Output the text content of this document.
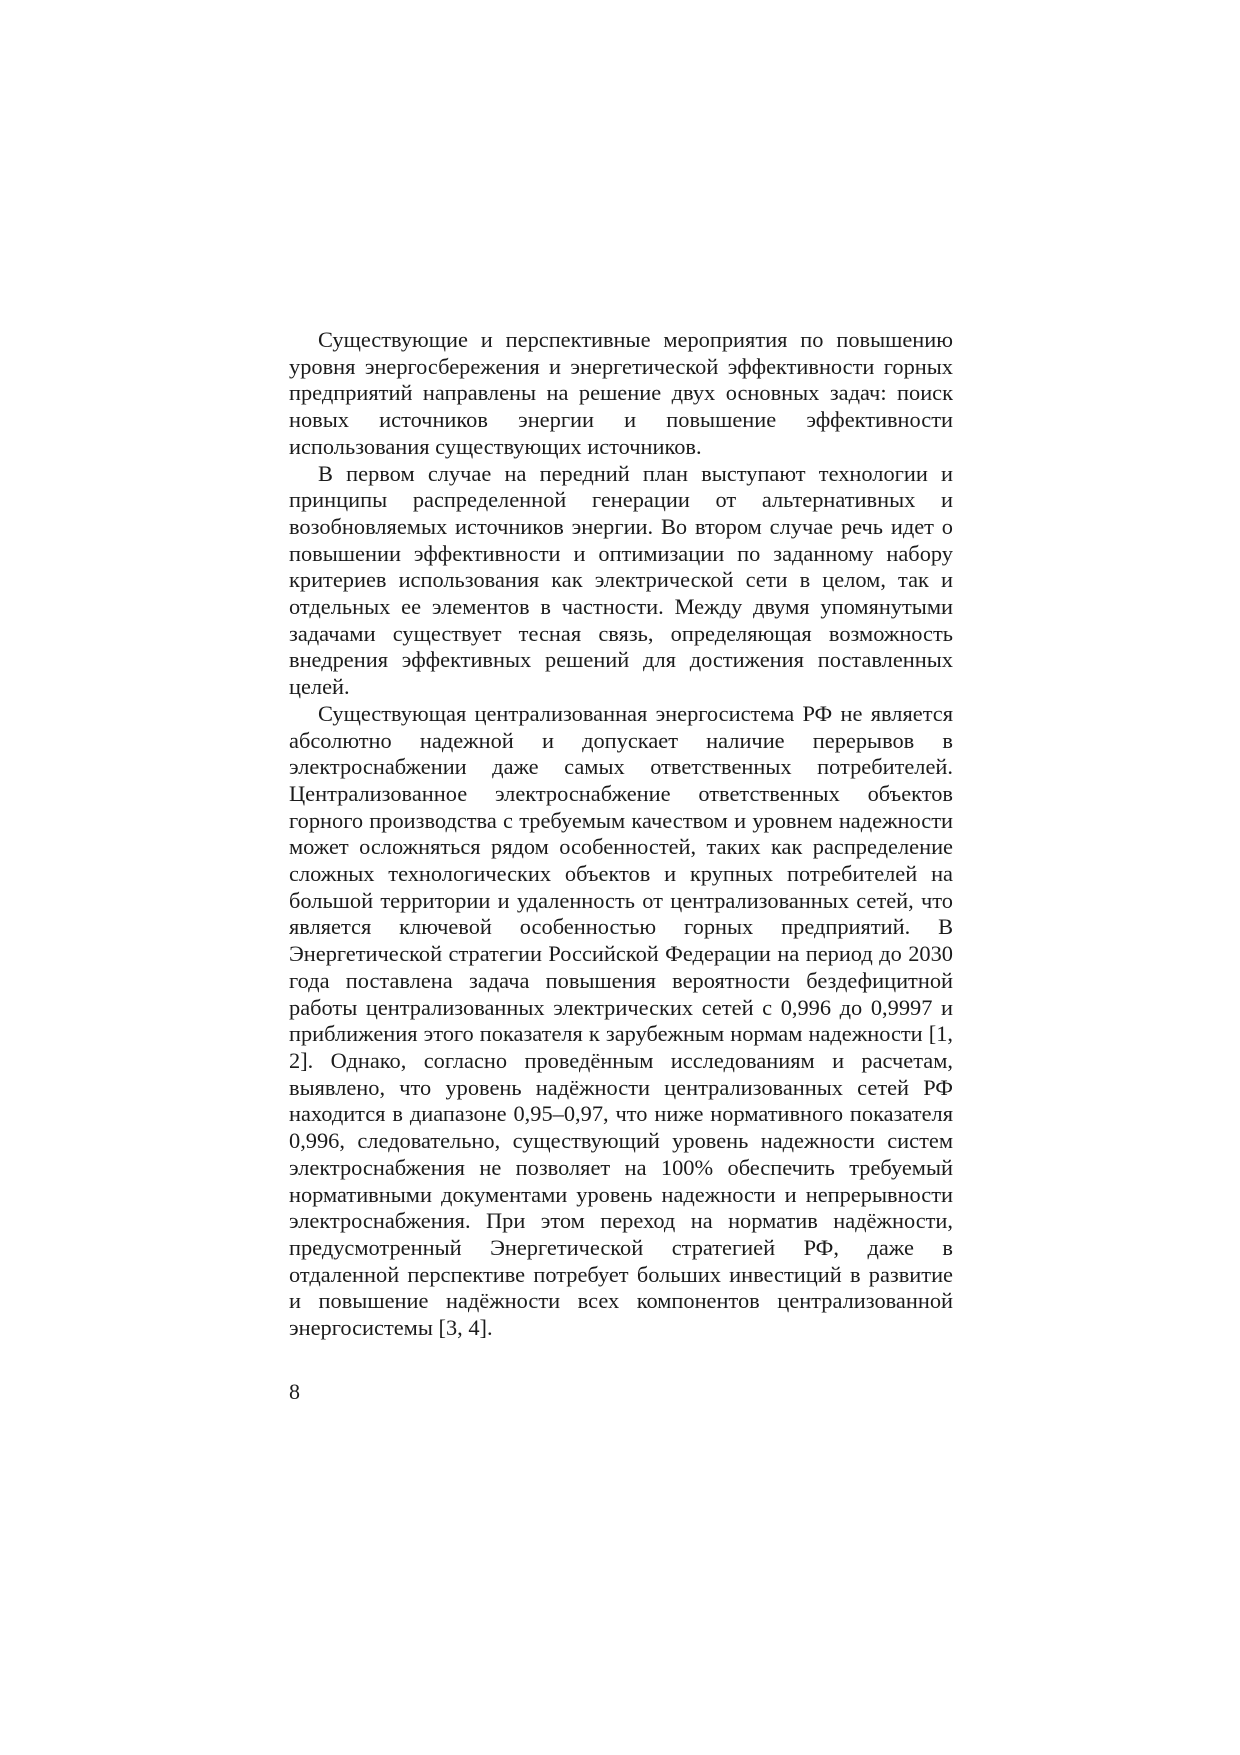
Существующие и перспективные мероприятия по повышению уровня энергосбережения и энергетической эффективности горных предприятий направлены на решение двух основных задач: поиск новых источников энергии и повышение эффективности использования существующих источников.

В первом случае на передний план выступают технологии и принципы распределенной генерации от альтернативных и возобновляемых источников энергии. Во втором случае речь идет о повышении эффективности и оптимизации по заданному набору критериев использования как электрической сети в целом, так и отдельных ее элементов в частности. Между двумя упомянутыми задачами существует тесная связь, определяющая возможность внедрения эффективных решений для достижения поставленных целей.

Существующая централизованная энергосистема РФ не является абсолютно надежной и допускает наличие перерывов в электроснабжении даже самых ответственных потребителей. Централизованное электроснабжение ответственных объектов горного производства с требуемым качеством и уровнем надежности может осложняться рядом особенностей, таких как распределение сложных технологических объектов и крупных потребителей на большой территории и удаленность от централизованных сетей, что является ключевой особенностью горных предприятий. В Энергетической стратегии Российской Федерации на период до 2030 года поставлена задача повышения вероятности бездефицитной работы централизованных электрических сетей с 0,996 до 0,9997 и приближения этого показателя к зарубежным нормам надежности [1, 2]. Однако, согласно проведённым исследованиям и расчетам, выявлено, что уровень надёжности централизованных сетей РФ находится в диапазоне 0,95–0,97, что ниже нормативного показателя 0,996, следовательно, существующий уровень надежности систем электроснабжения не позволяет на 100% обеспечить требуемый нормативными документами уровень надежности и непрерывности электроснабжения. При этом переход на норматив надёжности, предусмотренный Энергетической стратегией РФ, даже в отдаленной перспективе потребует больших инвестиций в развитие и повышение надёжности всех компонентов централизованной энергосистемы [3, 4].

8
